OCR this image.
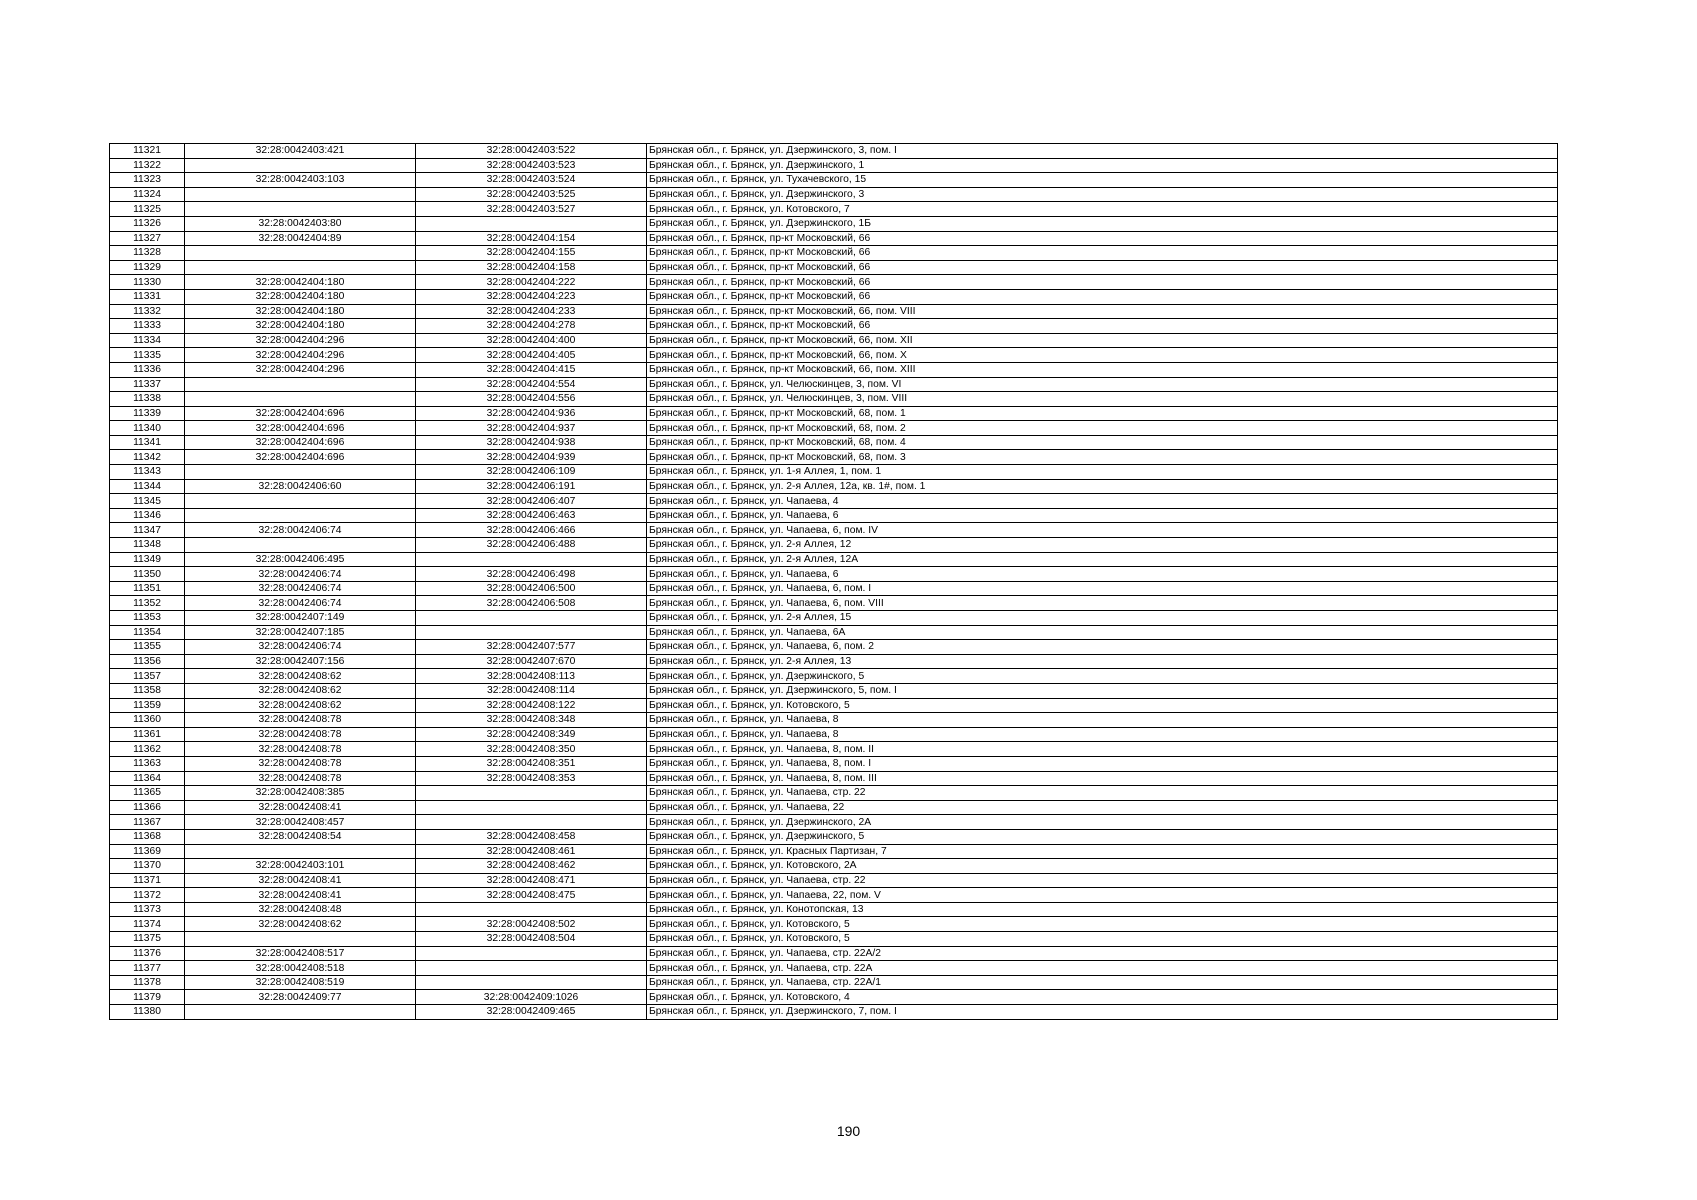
11321	32:28:0042403:421	32:28:0042403:522	Брянская обл., г. Брянск, ул. Дзержинского, 3, пом. I
11322		32:28:0042403:523	Брянская обл., г. Брянск, ул. Дзержинского, 1
11323	32:28:0042403:103	32:28:0042403:524	Брянская обл., г. Брянск, ул. Тухачевского, 15
11324		32:28:0042403:525	Брянская обл., г. Брянск, ул. Дзержинского, 3
11325		32:28:0042403:527	Брянская обл., г. Брянск, ул. Котовского, 7
11326	32:28:0042403:80		Брянская обл., г. Брянск, ул. Дзержинского, 1Б
11327	32:28:0042404:89	32:28:0042404:154	Брянская обл., г. Брянск, пр-кт Московский, 66
11328		32:28:0042404:155	Брянская обл., г. Брянск, пр-кт Московский, 66
11329		32:28:0042404:158	Брянская обл., г. Брянск, пр-кт Московский, 66
11330	32:28:0042404:180	32:28:0042404:222	Брянская обл., г. Брянск, пр-кт Московский, 66
11331	32:28:0042404:180	32:28:0042404:223	Брянская обл., г. Брянск, пр-кт Московский, 66
11332	32:28:0042404:180	32:28:0042404:233	Брянская обл., г. Брянск, пр-кт Московский, 66, пом. VIII
11333	32:28:0042404:180	32:28:0042404:278	Брянская обл., г. Брянск, пр-кт Московский, 66
11334	32:28:0042404:296	32:28:0042404:400	Брянская обл., г. Брянск, пр-кт Московский, 66, пом. XII
11335	32:28:0042404:296	32:28:0042404:405	Брянская обл., г. Брянск, пр-кт Московский, 66, пом. X
11336	32:28:0042404:296	32:28:0042404:415	Брянская обл., г. Брянск, пр-кт Московский, 66, пом. XIII
11337		32:28:0042404:554	Брянская обл., г. Брянск, ул. Челюскинцев, 3, пом. VI
11338		32:28:0042404:556	Брянская обл., г. Брянск, ул. Челюскинцев, 3, пом. VIII
11339	32:28:0042404:696	32:28:0042404:936	Брянская обл., г. Брянск, пр-кт Московский, 68, пом. 1
11340	32:28:0042404:696	32:28:0042404:937	Брянская обл., г. Брянск, пр-кт Московский, 68, пом. 2
11341	32:28:0042404:696	32:28:0042404:938	Брянская обл., г. Брянск, пр-кт Московский, 68, пом. 4
11342	32:28:0042404:696	32:28:0042404:939	Брянская обл., г. Брянск, пр-кт Московский, 68, пом. 3
11343		32:28:0042406:109	Брянская обл., г. Брянск, ул. 1-я Аллея, 1, пом. 1
11344	32:28:0042406:60	32:28:0042406:191	Брянская обл., г. Брянск, ул. 2-я Аллея, 12а, кв. 1#, пом. 1
11345		32:28:0042406:407	Брянская обл., г. Брянск, ул. Чапаева, 4
11346		32:28:0042406:463	Брянская обл., г. Брянск, ул. Чапаева, 6
11347	32:28:0042406:74	32:28:0042406:466	Брянская обл., г. Брянск, ул. Чапаева, 6, пом. IV
11348		32:28:0042406:488	Брянская обл., г. Брянск, ул. 2-я Аллея, 12
11349	32:28:0042406:495		Брянская обл., г. Брянск, ул. 2-я Аллея, 12А
11350	32:28:0042406:74	32:28:0042406:498	Брянская обл., г. Брянск, ул. Чапаева, 6
11351	32:28:0042406:74	32:28:0042406:500	Брянская обл., г. Брянск, ул. Чапаева, 6, пом. I
11352	32:28:0042406:74	32:28:0042406:508	Брянская обл., г. Брянск, ул. Чапаева, 6, пом. VIII
11353	32:28:0042407:149		Брянская обл., г. Брянск, ул. 2-я Аллея, 15
11354	32:28:0042407:185		Брянская обл., г. Брянск, ул. Чапаева, 6А
11355	32:28:0042406:74	32:28:0042407:577	Брянская обл., г. Брянск, ул. Чапаева, 6, пом. 2
11356	32:28:0042407:156	32:28:0042407:670	Брянская обл., г. Брянск, ул. 2-я Аллея, 13
11357	32:28:0042408:62	32:28:0042408:113	Брянская обл., г. Брянск, ул. Дзержинского, 5
11358	32:28:0042408:62	32:28:0042408:114	Брянская обл., г. Брянск, ул. Дзержинского, 5, пом. I
11359	32:28:0042408:62	32:28:0042408:122	Брянская обл., г. Брянск, ул. Котовского, 5
11360	32:28:0042408:78	32:28:0042408:348	Брянская обл., г. Брянск, ул. Чапаева, 8
11361	32:28:0042408:78	32:28:0042408:349	Брянская обл., г. Брянск, ул. Чапаева, 8
11362	32:28:0042408:78	32:28:0042408:350	Брянская обл., г. Брянск, ул. Чапаева, 8, пом. II
11363	32:28:0042408:78	32:28:0042408:351	Брянская обл., г. Брянск, ул. Чапаева, 8, пом. I
11364	32:28:0042408:78	32:28:0042408:353	Брянская обл., г. Брянск, ул. Чапаева, 8, пом. III
11365	32:28:0042408:385		Брянская обл., г. Брянск, ул. Чапаева, стр. 22
11366	32:28:0042408:41		Брянская обл., г. Брянск, ул. Чапаева, 22
11367	32:28:0042408:457		Брянская обл., г. Брянск, ул. Дзержинского, 2А
11368	32:28:0042408:54	32:28:0042408:458	Брянская обл., г. Брянск, ул. Дзержинского, 5
11369		32:28:0042408:461	Брянская обл., г. Брянск, ул. Красных Партизан, 7
11370	32:28:0042403:101	32:28:0042408:462	Брянская обл., г. Брянск, ул. Котовского, 2А
11371	32:28:0042408:41	32:28:0042408:471	Брянская обл., г. Брянск, ул. Чапаева, стр. 22
11372	32:28:0042408:41	32:28:0042408:475	Брянская обл., г. Брянск, ул. Чапаева, 22, пом. V
11373	32:28:0042408:48		Брянская обл., г. Брянск, ул. Конотопская, 13
11374	32:28:0042408:62	32:28:0042408:502	Брянская обл., г. Брянск, ул. Котовского, 5
11375		32:28:0042408:504	Брянская обл., г. Брянск, ул. Котовского, 5
11376	32:28:0042408:517		Брянская обл., г. Брянск, ул. Чапаева, стр. 22А/2
11377	32:28:0042408:518		Брянская обл., г. Брянск, ул. Чапаева, стр. 22А
11378	32:28:0042408:519		Брянская обл., г. Брянск, ул. Чапаева, стр. 22А/1
11379	32:28:0042409:77	32:28:0042409:1026	Брянская обл., г. Брянск, ул. Котовского, 4
11380		32:28:0042409:465	Брянская обл., г. Брянск, ул. Дзержинского, 7, пом. I
190
